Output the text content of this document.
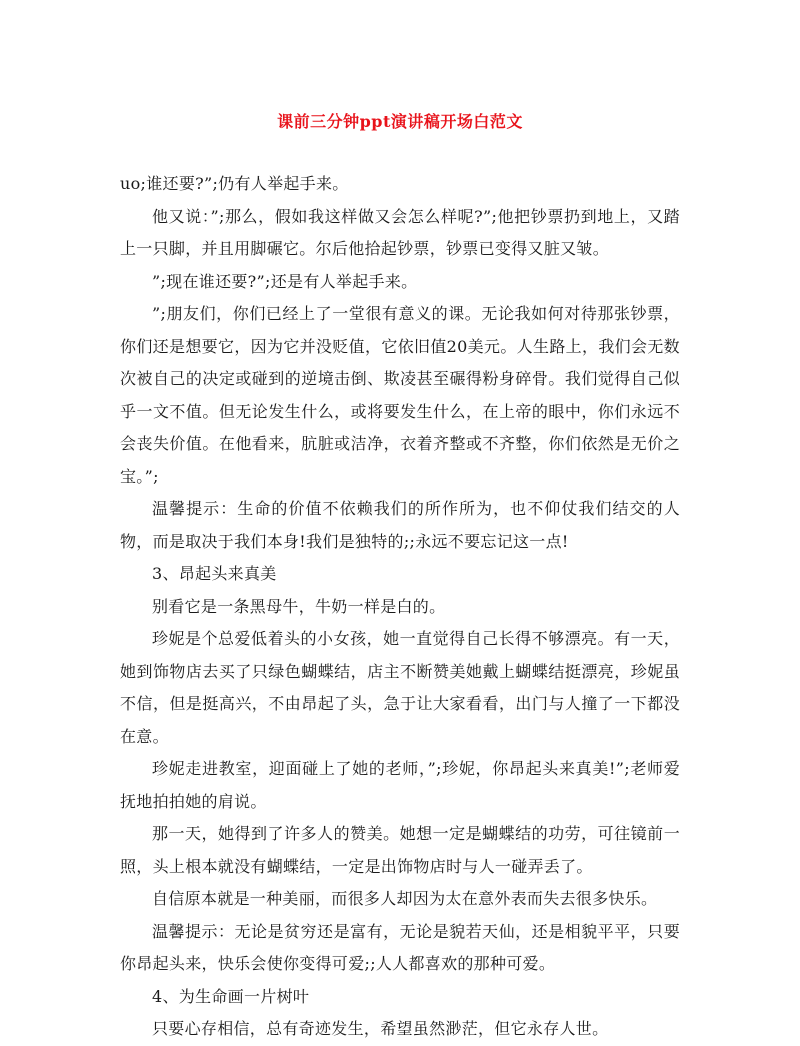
课前三分钟ppt演讲稿开场白范文

uo;谁还要?”;仍有人举起手来。

他又说：”;那么，假如我这样做又会怎么样呢?”;他把钞票扔到地上，又踏上一只脚，并且用脚碾它。尔后他拾起钞票，钞票已变得又脏又皱。

”;现在谁还要?”;还是有人举起手来。

”;朋友们，你们已经上了一堂很有意义的课。无论我如何对待那张钞票，你们还是想要它，因为它并没贬值，它依旧值20美元。人生路上，我们会无数次被自己的决定或碰到的逆境击倒、欺凌甚至碾得粉身碎骨。我们觉得自己似乎一文不值。但无论发生什么，或将要发生什么，在上帝的眼中，你们永远不会丧失价值。在他看来，肮脏或洁净，衣着齐整或不齐整，你们依然是无价之宝。”;

温馨提示：生命的价值不依赖我们的所作所为，也不仰仗我们结交的人物，而是取决于我们本身!我们是独特的;;永远不要忘记这一点!

3、昂起头来真美

别看它是一条黑母牛，牛奶一样是白的。

珍妮是个总爱低着头的小女孩，她一直觉得自己长得不够漂亮。有一天，她到饰物店去买了只绿色蝴蝶结，店主不断赞美她戴上蝴蝶结挺漂亮，珍妮虽不信，但是挺高兴，不由昂起了头，急于让大家看看，出门与人撞了一下都没在意。

珍妮走进教室，迎面碰上了她的老师，”;珍妮，你昂起头来真美!”;老师爱抚地拍拍她的肩说。

那一天，她得到了许多人的赞美。她想一定是蝴蝶结的功劳，可往镜前一照，头上根本就没有蝴蝶结，一定是出饰物店时与人一碰弄丢了。

自信原本就是一种美丽，而很多人却因为太在意外表而失去很多快乐。

温馨提示：无论是贫穷还是富有，无论是貌若天仙，还是相貌平平，只要你昂起头来，快乐会使你变得可爱;;人人都喜欢的那种可爱。

4、为生命画一片树叶

只要心存相信，总有奇迹发生，希望虽然渺茫，但它永存人世。
